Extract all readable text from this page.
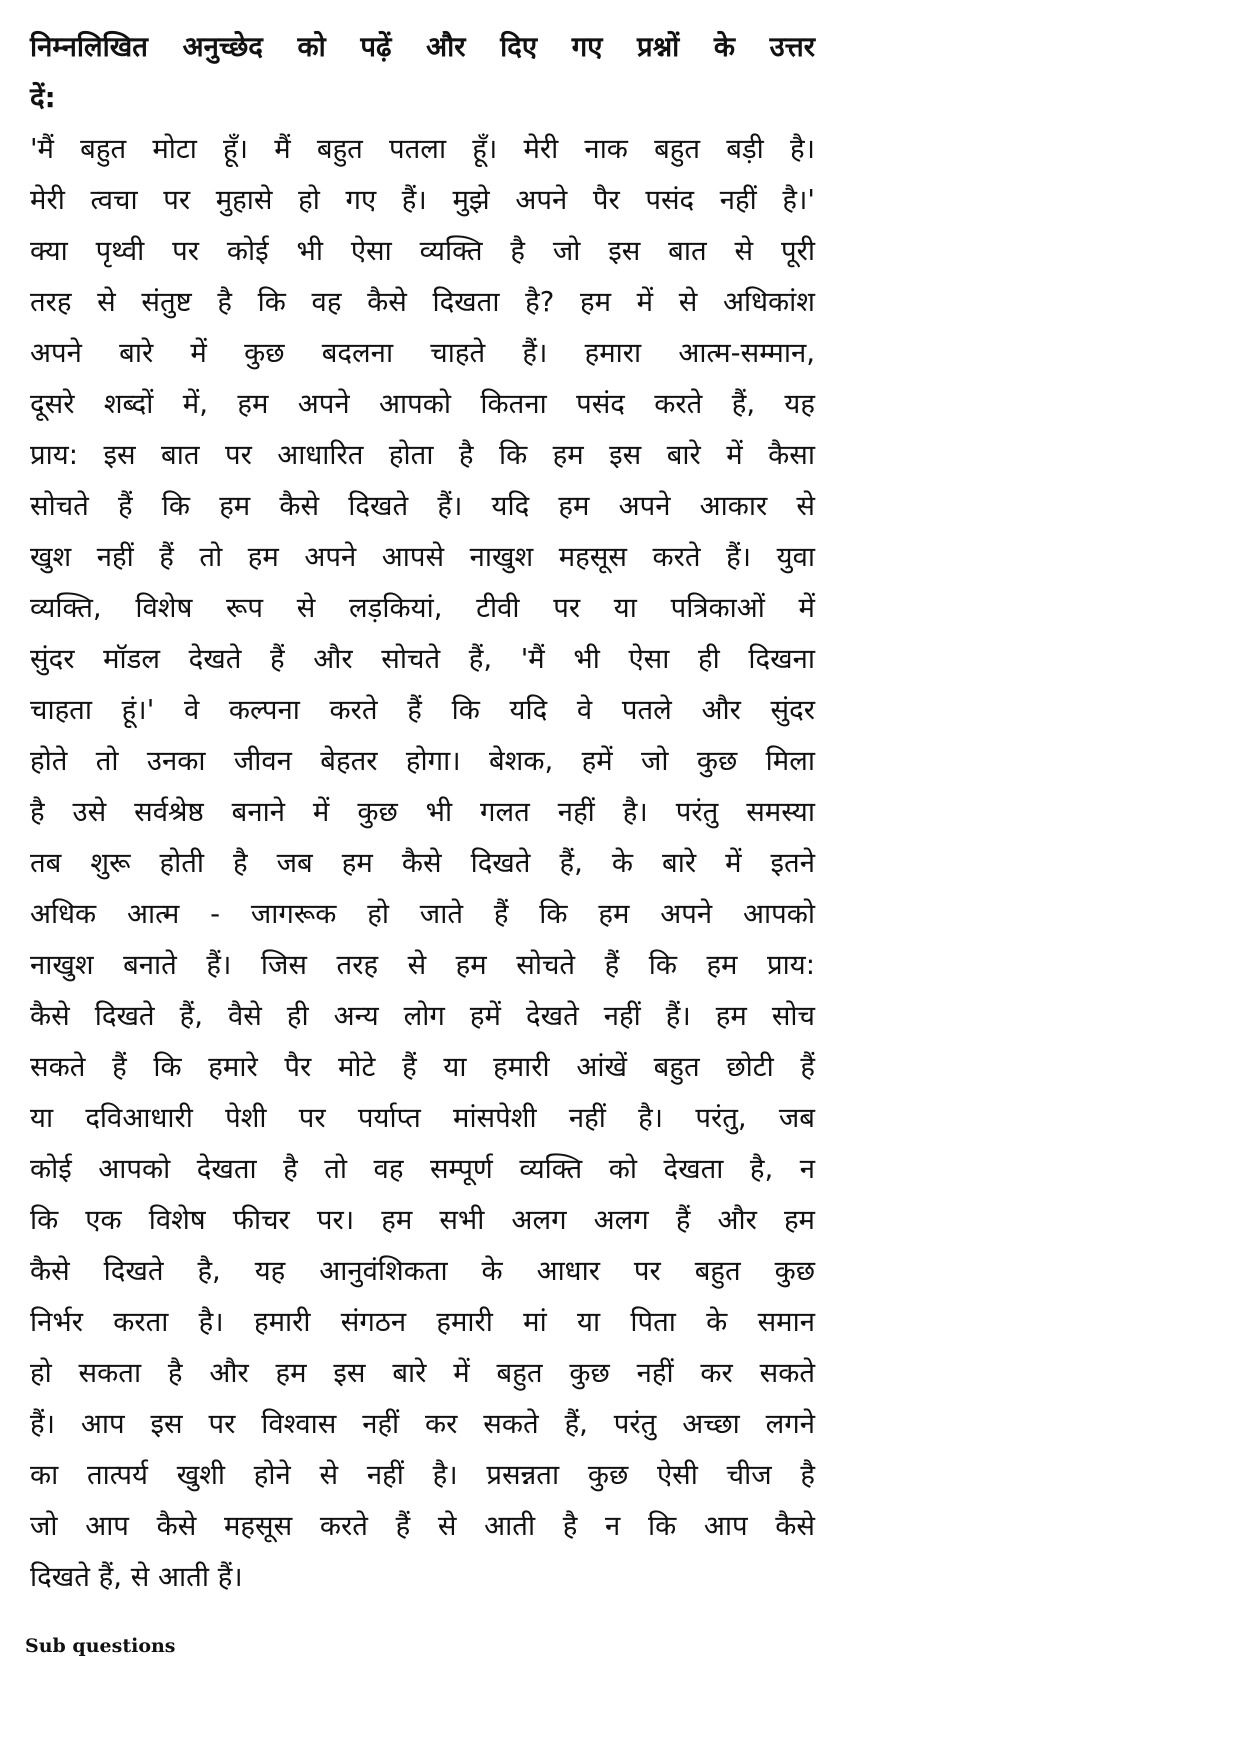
निम्नलिखित अनुच्छेद को पढ़ें और दिए गए प्रश्नों के उत्तर
दें:
'मैं बहुत मोटा हूँ। मैं बहुत पतला हूँ। मेरी नाक बहुत बड़ी है।
मेरी त्वचा पर मुहासे हो गए हैं। मुझे अपने पैर पसंद नहीं है।'
क्या पृथ्वी पर कोई भी ऐसा व्यक्ति है जो इस बात से पूरी
तरह से संतुष्ट है कि वह कैसे दिखता है? हम में से अधिकांश
अपने बारे में कुछ बदलना चाहते हैं। हमारा आत्म-सम्मान,
दूसरे शब्दों में, हम अपने आपको कितना पसंद करते हैं, यह
प्राय: इस बात पर आधारित होता है कि हम इस बारे में कैसा
सोचते हैं कि हम कैसे दिखते हैं। यदि हम अपने आकार से
खुश नहीं हैं तो हम अपने आपसे नाखुश महसूस करते हैं। युवा
व्यक्ति, विशेष रूप से लड़कियां, टीवी पर या पत्रिकाओं में
सुंदर मॉडल देखते हैं और सोचते हैं, 'मैं भी ऐसा ही दिखना
चाहता हूं।' वे कल्पना करते हैं कि यदि वे पतले और सुंदर
होते तो उनका जीवन बेहतर होगा। बेशक, हमें जो कुछ मिला
है उसे सर्वश्रेष्ठ बनाने में कुछ भी गलत नहीं है। परंतु समस्या
तब शुरू होती है जब हम कैसे दिखते हैं, के बारे में इतने
अधिक आत्म - जागरूक हो जाते हैं कि हम अपने आपको
नाखुश बनाते हैं। जिस तरह से हम सोचते हैं कि हम प्राय:
कैसे दिखते हैं, वैसे ही अन्य लोग हमें देखते नहीं हैं। हम सोच
सकते हैं कि हमारे पैर मोटे हैं या हमारी आंखें बहुत छोटी हैं
या दविआधारी पेशी पर पर्याप्त मांसपेशी नहीं है। परंतु, जब
कोई आपको देखता है तो वह सम्पूर्ण व्यक्ति को देखता है, न
कि एक विशेष फीचर पर। हम सभी अलग अलग हैं और हम
कैसे दिखते है, यह आनुवंशिकता के आधार पर बहुत कुछ
निर्भर करता है। हमारी संगठन हमारी मां या पिता के समान
हो सकता है और हम इस बारे में बहुत कुछ नहीं कर सकते
हैं। आप इस पर विश्वास नहीं कर सकते हैं, परंतु अच्छा लगने
का तात्पर्य खुशी होने से नहीं है। प्रसन्नता कुछ ऐसी चीज है
जो आप कैसे महसूस करते हैं से आती है न कि आप कैसे
दिखते हैं, से आती हैं।
Sub questions
